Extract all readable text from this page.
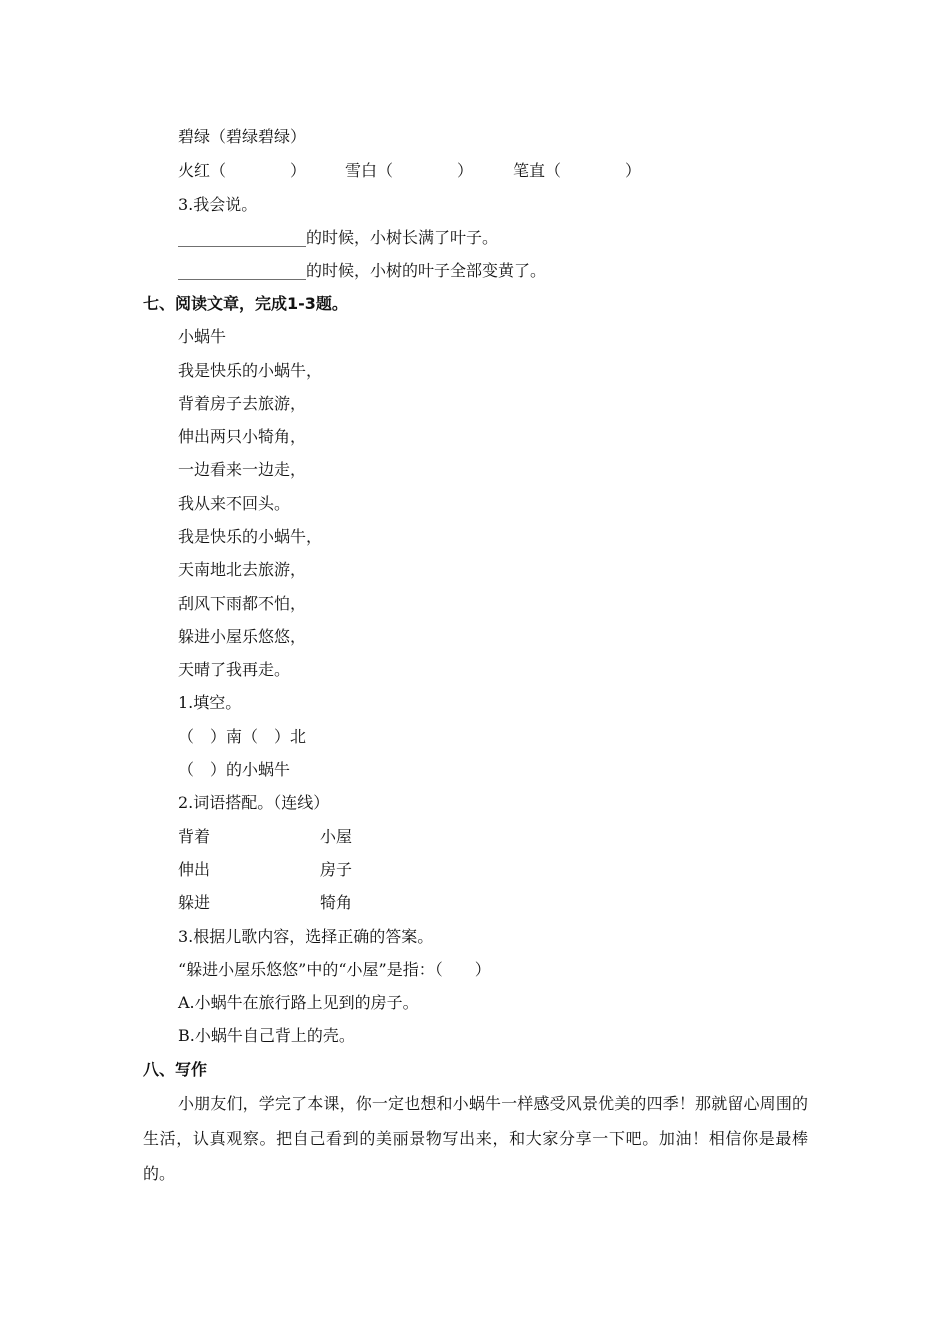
碧绿（碧绿碧绿）
火红（　　　　） 雪白（　　　　） 笔直（　　　　）
3.我会说。
________________的时候，小树长满了叶子。
________________的时候，小树的叶子全部变黄了。
七、阅读文章，完成1-3题。
小蜗牛
我是快乐的小蜗牛，
背着房子去旅游，
伸出两只小犄角，
一边看来一边走，
我从来不回头。
我是快乐的小蜗牛，
天南地北去旅游，
刮风下雨都不怕，
躲进小屋乐悠悠，
天晴了我再走。
1.填空。
（　）南（　）北
（　）的小蜗牛
2.词语搭配。（连线）
背着	小屋
伸出	房子
躲进	犄角
3.根据儿歌内容，选择正确的答案。
“躲进小屋乐悠悠”中的“小屋”是指：（　　）
A.小蜗牛在旅行路上见到的房子。
B.小蜗牛自己背上的壳。
八、写作
小朋友们，学完了本课，你一定也想和小蜗牛一样感受风景优美的四季！那就留心周围的生活，认真观察。把自己看到的美丽景物写出来，和大家分享一下吧。加油！相信你是最棒的。
